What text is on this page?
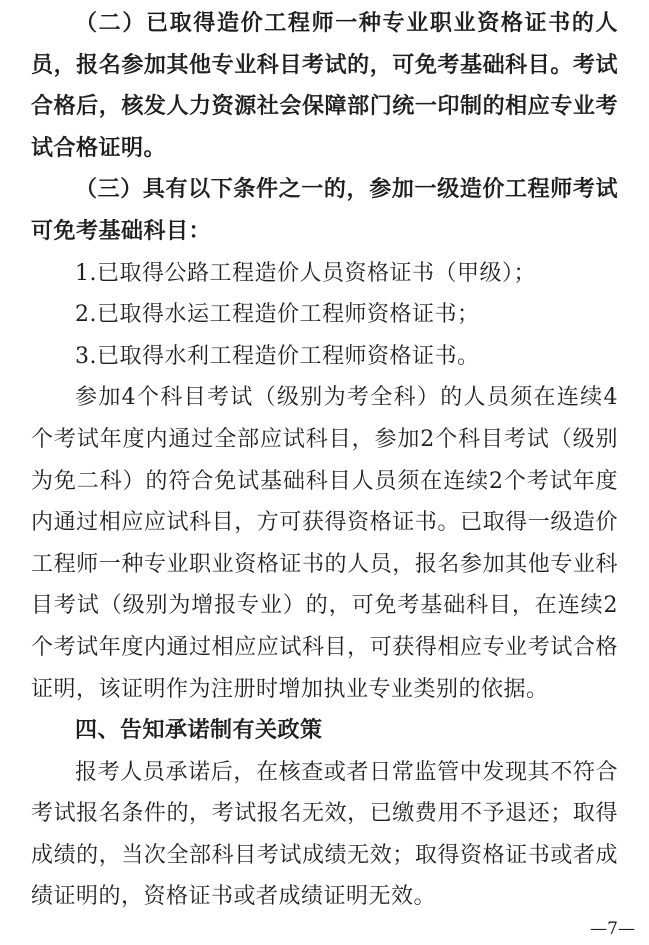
（二）已取得造价工程师一种专业职业资格证书的人员，报名参加其他专业科目考试的，可免考基础科目。考试合格后，核发人力资源社会保障部门统一印制的相应专业考试合格证明。

（三）具有以下条件之一的，参加一级造价工程师考试可免考基础科目：

1.已取得公路工程造价人员资格证书（甲级）；

2.已取得水运工程造价工程师资格证书；

3.已取得水利工程造价工程师资格证书。

参加4个科目考试（级别为考全科）的人员须在连续4个考试年度内通过全部应试科目，参加2个科目考试（级别为免二科）的符合免试基础科目人员须在连续2个考试年度内通过相应应试科目，方可获得资格证书。已取得一级造价工程师一种专业职业资格证书的人员，报名参加其他专业科目考试（级别为增报专业）的，可免考基础科目，在连续2个考试年度内通过相应应试科目，可获得相应专业考试合格证明，该证明作为注册时增加执业专业类别的依据。

四、告知承诺制有关政策

报考人员承诺后，在核查或者日常监管中发现其不符合考试报名条件的，考试报名无效，已缴费用不予退还；取得成绩的，当次全部科目考试成绩无效；取得资格证书或者成绩证明的，资格证书或者成绩证明无效。

—7—
